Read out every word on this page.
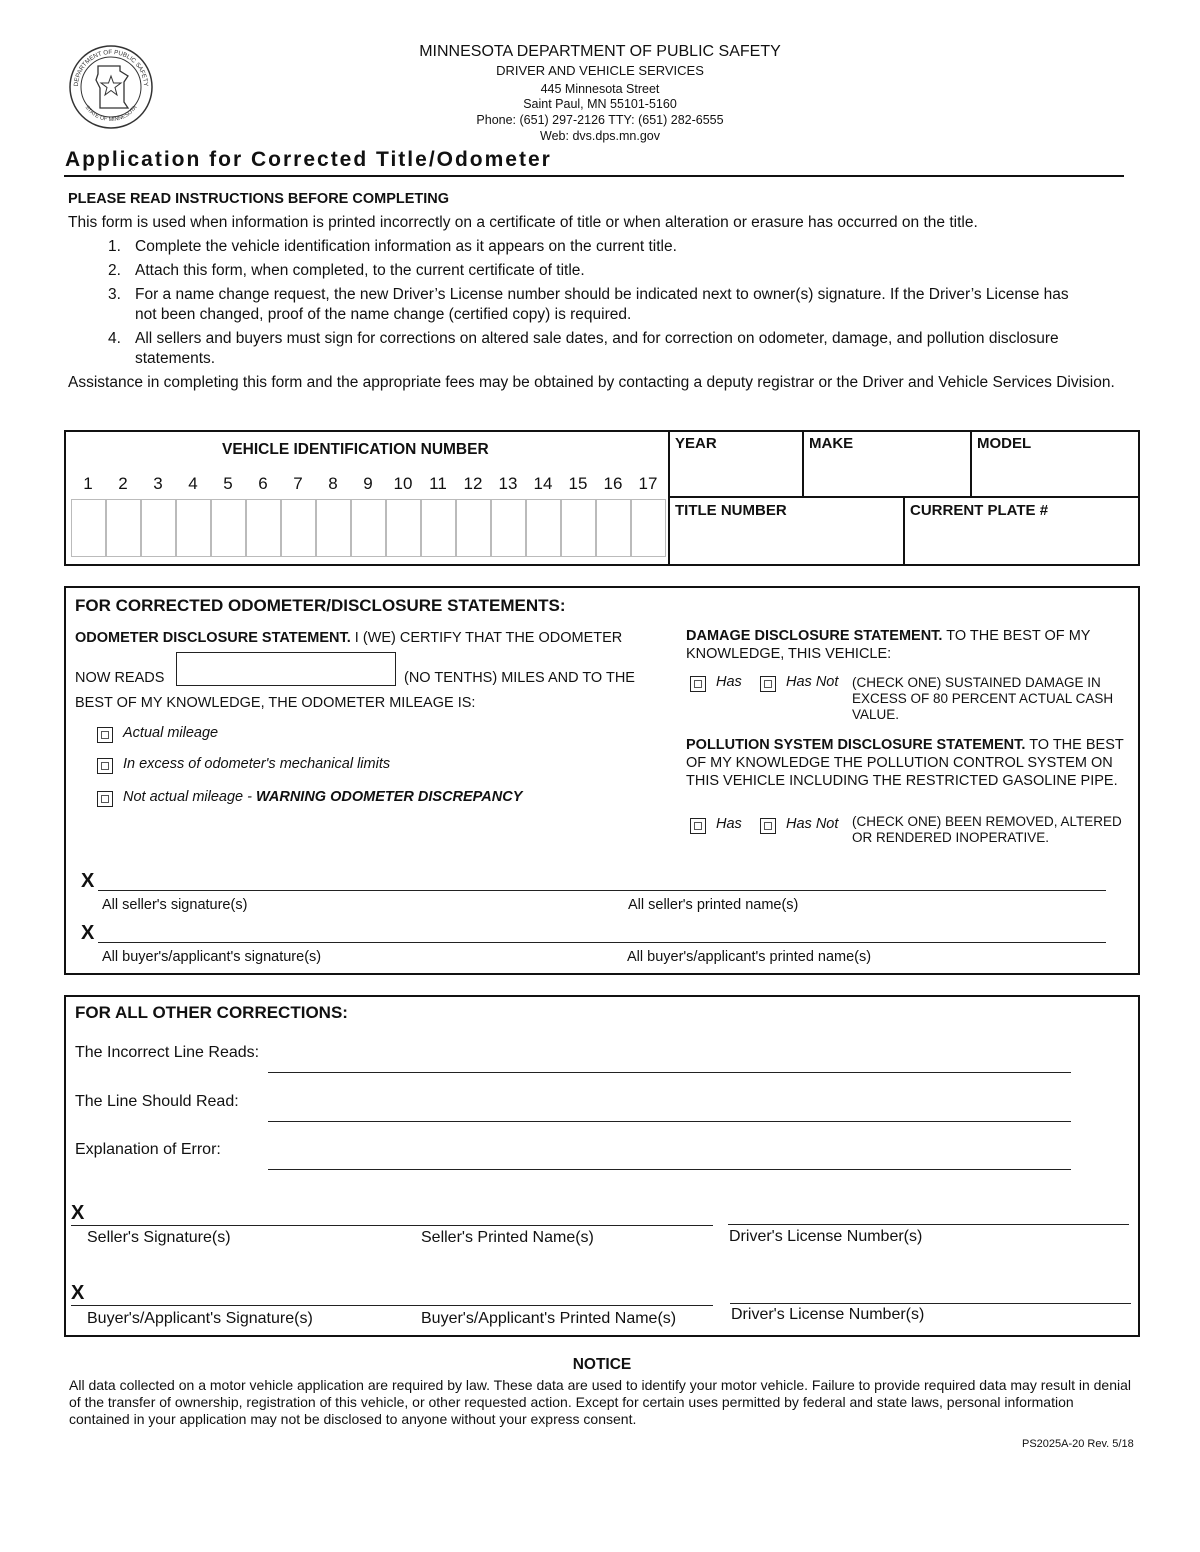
DEPARTMENT OF PUBLIC SAFETY
STATE OF MINNESOTA
MINNESOTA DEPARTMENT OF PUBLIC SAFETY
DRIVER AND VEHICLE SERVICES
445 Minnesota Street
Saint Paul, MN 55101-5160
Phone: (651) 297-2126 TTY: (651) 282-6555
Web: dvs.dps.mn.gov
Application for Corrected Title/Odometer
PLEASE READ INSTRUCTIONS BEFORE COMPLETING
This form is used when information is printed incorrectly on a certificate of title or when alteration or erasure has occurred on the title.
1. Complete the vehicle identification information as it appears on the current title.
2. Attach this form, when completed, to the current certificate of title.
3. For a name change request, the new Driver’s License number should be indicated next to owner(s) signature. If the Driver’s License has not been changed, proof of the name change (certified copy) is required.
4. All sellers and buyers must sign for corrections on altered sale dates, and for correction on odometer, damage, and pollution disclosure statements.
Assistance in completing this form and the appropriate fees may be obtained by contacting a deputy registrar or the Driver and Vehicle Services Division.
VEHICLE IDENTIFICATION NUMBER
1	2	3	4	5	6	7	8	9	10 11 12 13 14 15 16 17
YEAR	MAKE	MODEL
TITLE NUMBER	CURRENT PLATE #
FOR CORRECTED ODOMETER/DISCLOSURE STATEMENTS:
ODOMETER DISCLOSURE STATEMENT. I (WE) CERTIFY THAT THE ODOMETER
NOW READS	(NO TENTHS) MILES AND TO THE
BEST OF MY KNOWLEDGE, THE ODOMETER MILEAGE IS:
Actual mileage
In excess of odometer's mechanical limits
Not actual mileage - WARNING ODOMETER DISCREPANCY
DAMAGE DISCLOSURE STATEMENT. TO THE BEST OF MY KNOWLEDGE, THIS VEHICLE:
Has	Has Not (CHECK ONE) SUSTAINED DAMAGE IN EXCESS OF 80 PERCENT ACTUAL CASH VALUE.
POLLUTION SYSTEM DISCLOSURE STATEMENT. TO THE BEST OF MY KNOWLEDGE THE POLLUTION CONTROL SYSTEM ON THIS VEHICLE INCLUDING THE RESTRICTED GASOLINE PIPE.
Has	Has Not (CHECK ONE) BEEN REMOVED, ALTERED OR RENDERED INOPERATIVE.
X
All seller's signature(s)	All seller's printed name(s)
X
All buyer's/applicant's signature(s)	All buyer's/applicant's printed name(s)
FOR ALL OTHER CORRECTIONS:
The Incorrect Line Reads:
The Line Should Read:
Explanation of Error:
X
Seller's Signature(s)	Seller's Printed Name(s)	Driver's License Number(s)
X
Buyer's/Applicant's Signature(s)	Buyer's/Applicant's Printed Name(s)	Driver's License Number(s)
NOTICE
All data collected on a motor vehicle application are required by law. These data are used to identify your motor vehicle. Failure to provide required data may result in denial of the transfer of ownership, registration of this vehicle, or other requested action. Except for certain uses permitted by federal and state laws, personal information contained in your application may not be disclosed to anyone without your express consent.
PS2025A-20 Rev. 5/18
